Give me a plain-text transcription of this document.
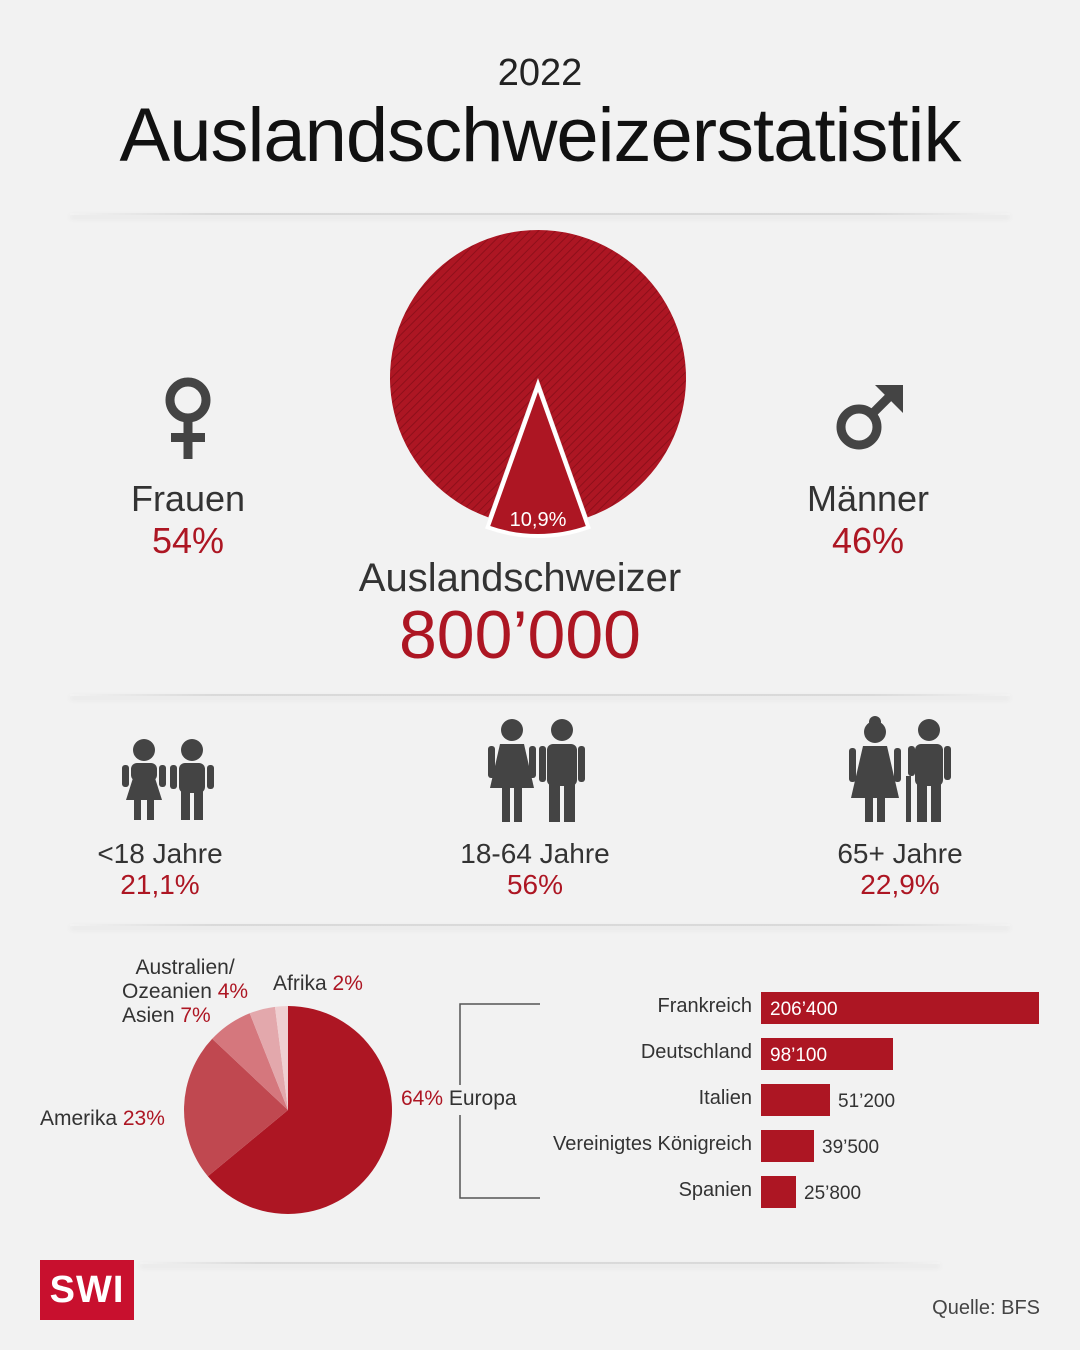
2022
Auslandschweizerstatistik
10,9%
Frauen
54%
Männer
46%
Auslandschweizer
800’000
<18 Jahre
21,1%
18-64 Jahre
56%
65+ Jahre
22,9%
Australien/
Ozeanien 4% Afrika 2%
Asien 7%
Amerika 23%
64% Europa
Frankreich 206’400
Deutschland 98’100
Italien	51’200
Vereinigtes Königreich	39’500
Spanien	25’800
SWI	Quelle: BFS
